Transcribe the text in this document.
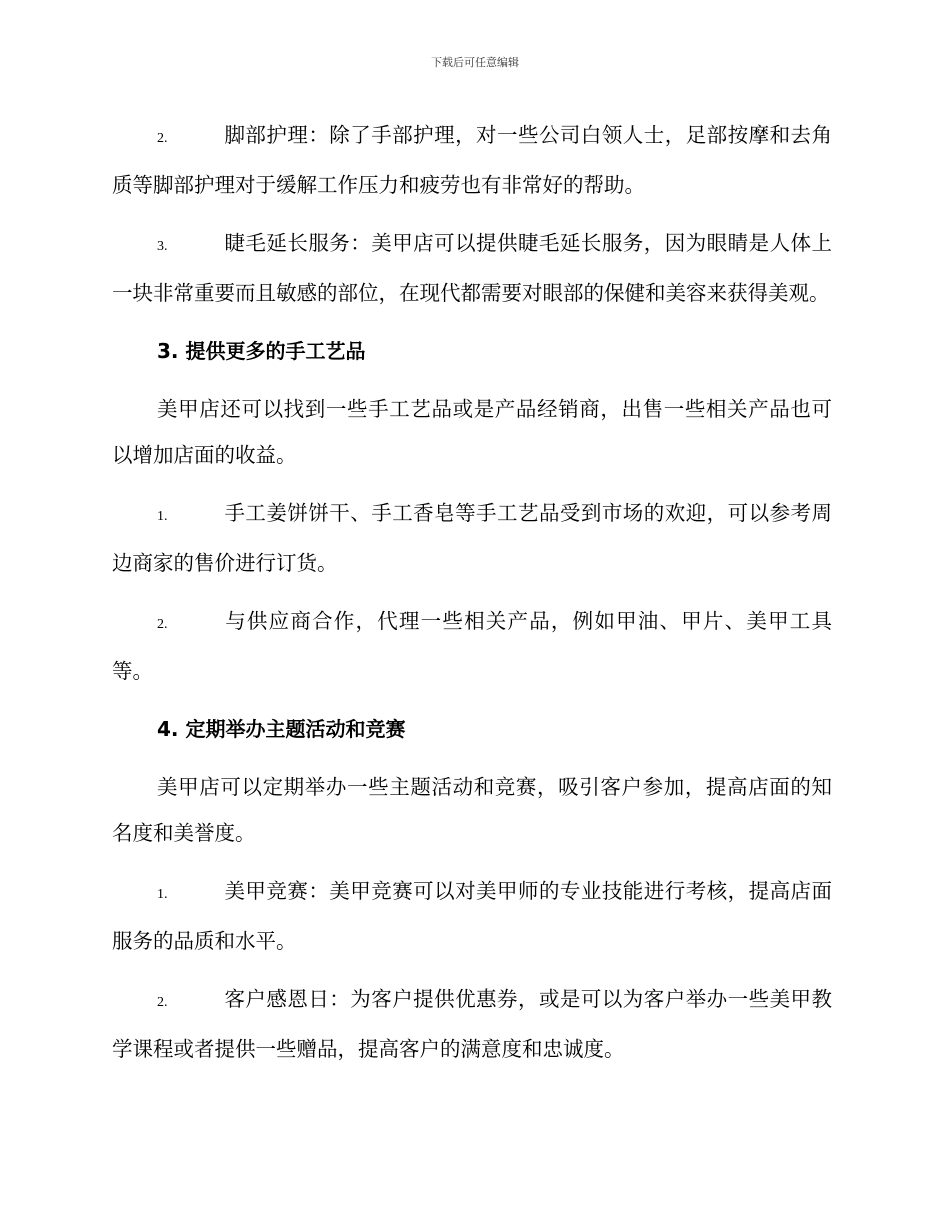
下载后可任意编辑

2.	脚部护理：除了手部护理，对一些公司白领人士，足部按摩和去角质等脚部护理对于缓解工作压力和疲劳也有非常好的帮助。

3.	睫毛延长服务：美甲店可以提供睫毛延长服务，因为眼睛是人体上一块非常重要而且敏感的部位，在现代都需要对眼部的保健和美容来获得美观。

3. 提供更多的手工艺品

美甲店还可以找到一些手工艺品或是产品经销商，出售一些相关产品也可以增加店面的收益。

1.	手工姜饼饼干、手工香皂等手工艺品受到市场的欢迎，可以参考周边商家的售价进行订货。

2.	与供应商合作，代理一些相关产品，例如甲油、甲片、美甲工具等。

4. 定期举办主题活动和竞赛

美甲店可以定期举办一些主题活动和竞赛，吸引客户参加，提高店面的知名度和美誉度。

1.	美甲竞赛：美甲竞赛可以对美甲师的专业技能进行考核，提高店面服务的品质和水平。

2.	客户感恩日：为客户提供优惠券，或是可以为客户举办一些美甲教学课程或者提供一些赠品，提高客户的满意度和忠诚度。
